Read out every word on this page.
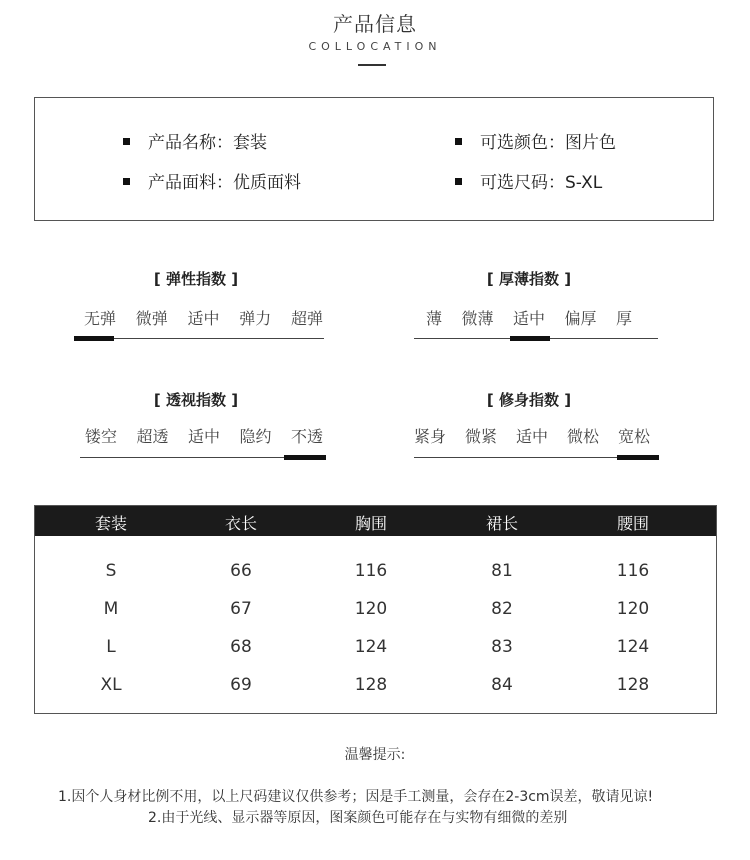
产品信息
COLLOCATION
产品名称：套装	可选颜色：图片色
产品面料：优质面料	可选尺码：S-XL
[ 弹性指数 ]
无弹 微弹 适中 弹力 超弹
[ 厚薄指数 ]
薄 微薄 适中 偏厚 厚
[ 透视指数 ]
镂空 超透 适中 隐约 不透
[ 修身指数 ]
紧身 微紧 适中 微松 宽松
套装	衣长	胸围	裙长	腰围
S	66	116	81	116
M	67	120	82	120
L	68	124	83	124
XL	69	128	84	128
温馨提示:
1.因个人身材比例不用，以上尺码建议仅供参考；因是手工测量，会存在2-3cm误差，敬请见谅!
2.由于光线、显示器等原因，图案颜色可能存在与实物有细微的差别
